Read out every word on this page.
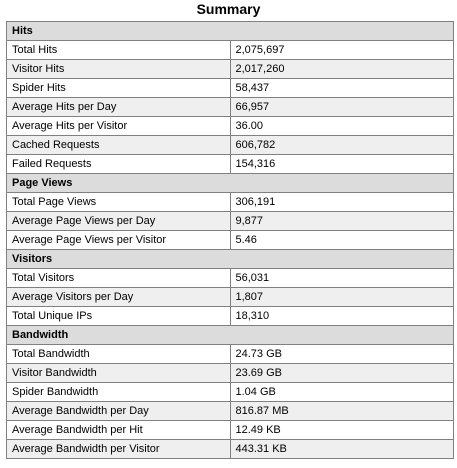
Summary
Hits	
Total Hits	2,075,697
Visitor Hits	2,017,260
Spider Hits	58,437
Average Hits per Day	66,957
Average Hits per Visitor	36.00
Cached Requests	606,782
Failed Requests	154,316
Page Views	
Total Page Views	306,191
Average Page Views per Day	9,877
Average Page Views per Visitor	5.46
Visitors	
Total Visitors	56,031
Average Visitors per Day	1,807
Total Unique IPs	18,310
Bandwidth	
Total Bandwidth	24.73 GB
Visitor Bandwidth	23.69 GB
Spider Bandwidth	1.04 GB
Average Bandwidth per Day	816.87 MB
Average Bandwidth per Hit	12.49 KB
Average Bandwidth per Visitor	443.31 KB
